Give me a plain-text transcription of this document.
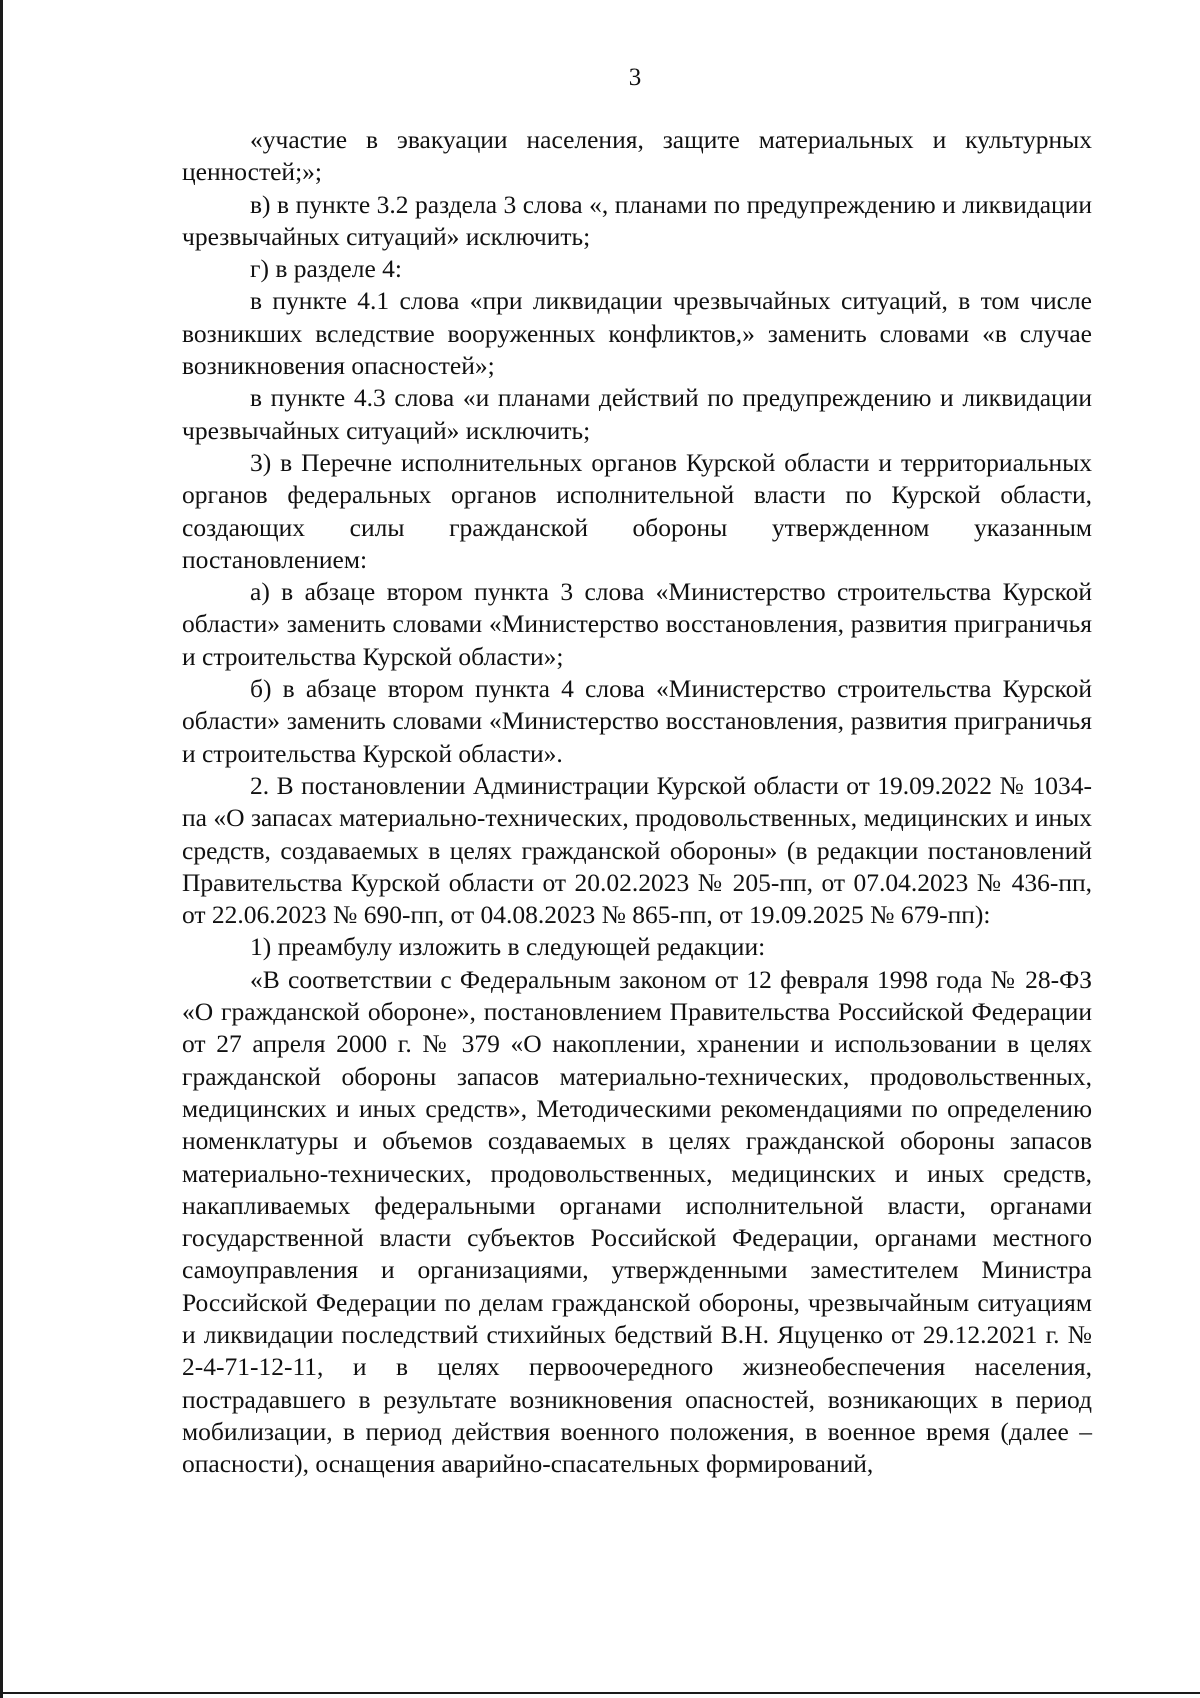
3

«участие в эвакуации населения, защите материальных и культурных ценностей;»;

в) в пункте 3.2 раздела 3 слова «, планами по предупреждению и ликвидации чрезвычайных ситуаций» исключить;

г) в разделе 4:

в пункте 4.1 слова «при ликвидации чрезвычайных ситуаций, в том числе возникших вследствие вооруженных конфликтов,» заменить словами «в случае возникновения опасностей»;

в пункте 4.3 слова «и планами действий по предупреждению и ликвидации чрезвычайных ситуаций» исключить;

3) в Перечне исполнительных органов Курской области и территориальных органов федеральных органов исполнительной власти по Курской области, создающих силы гражданской обороны утвержденном указанным постановлением:

а) в абзаце втором пункта 3 слова «Министерство строительства Курской области» заменить словами «Министерство восстановления, развития приграничья и строительства Курской области»;

б) в абзаце втором пункта 4 слова «Министерство строительства Курской области» заменить словами «Министерство восстановления, развития приграничья и строительства Курской области».

2. В постановлении Администрации Курской области от 19.09.2022 № 1034-па «О запасах материально-технических, продовольственных, медицинских и иных средств, создаваемых в целях гражданской обороны» (в редакции постановлений Правительства Курской области от 20.02.2023 № 205-пп, от 07.04.2023 № 436-пп, от 22.06.2023 № 690-пп, от 04.08.2023 № 865-пп, от 19.09.2025 № 679-пп):

1) преамбулу изложить в следующей редакции:

«В соответствии с Федеральным законом от 12 февраля 1998 года № 28-ФЗ «О гражданской обороне», постановлением Правительства Российской Федерации от 27 апреля 2000 г. № 379 «О накоплении, хранении и использовании в целях гражданской обороны запасов материально-технических, продовольственных, медицинских и иных средств», Методическими рекомендациями по определению номенклатуры и объемов создаваемых в целях гражданской обороны запасов материально-технических, продовольственных, медицинских и иных средств, накапливаемых федеральными органами исполнительной власти, органами государственной власти субъектов Российской Федерации, органами местного самоуправления и организациями, утвержденными заместителем Министра Российской Федерации по делам гражданской обороны, чрезвычайным ситуациям и ликвидации последствий стихийных бедствий В.Н. Яцуценко от 29.12.2021 г. № 2-4-71-12-11, и в целях первоочередного жизнеобеспечения населения, пострадавшего в результате возникновения опасностей, возникающих в период мобилизации, в период действия военного положения, в военное время (далее – опасности), оснащения аварийно-спасательных формирований,
